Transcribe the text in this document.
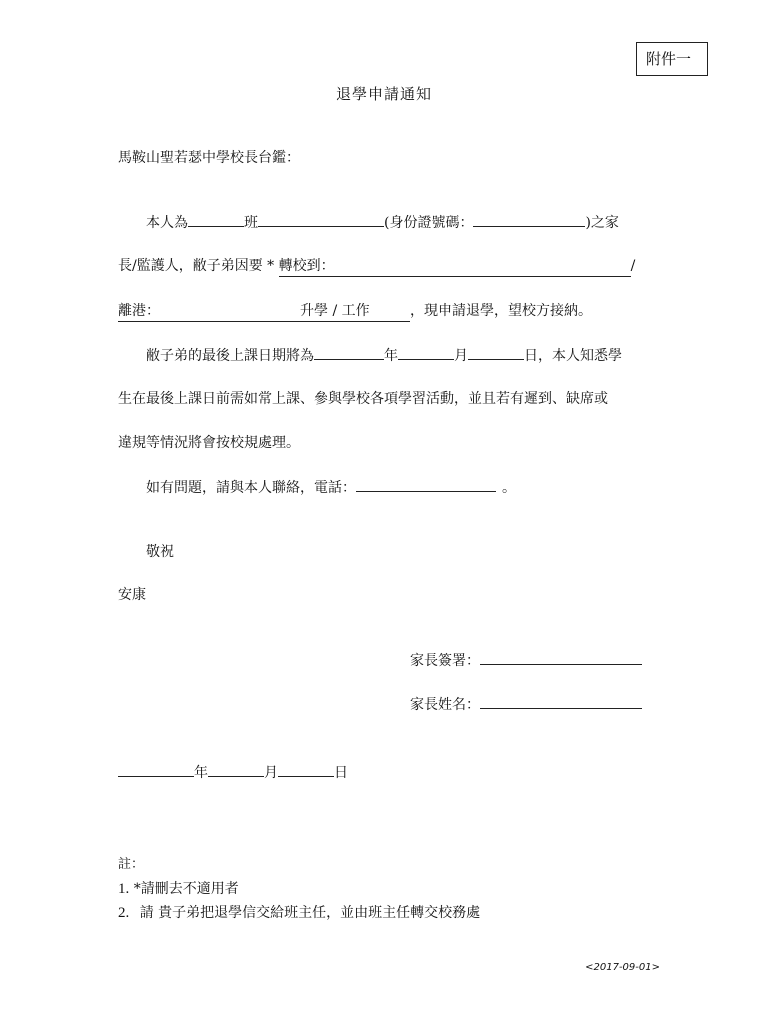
附件一
退學申請通知
馬鞍山聖若瑟中學校長台鑑：
本人為	班	(身份證號碼：	)之家
長/監護人，敝子弟因要 * 轉校到：	/
離港：	升學 / 工作	，現申請退學，望校方接納。
敝子弟的最後上課日期將為	年	月	日，本人知悉學
生在最後上課日前需如常上課、參與學校各項學習活動，並且若有遲到、缺席或
違規等情況將會按校規處理。
如有問題，請與本人聯絡，電話：	。
敬祝
安康
家長簽署：
家長姓名：
年	月	日
註：
1. *請刪去不適用者
2. 請 貴子弟把退學信交給班主任，並由班主任轉交校務處
<2017-09-01>
